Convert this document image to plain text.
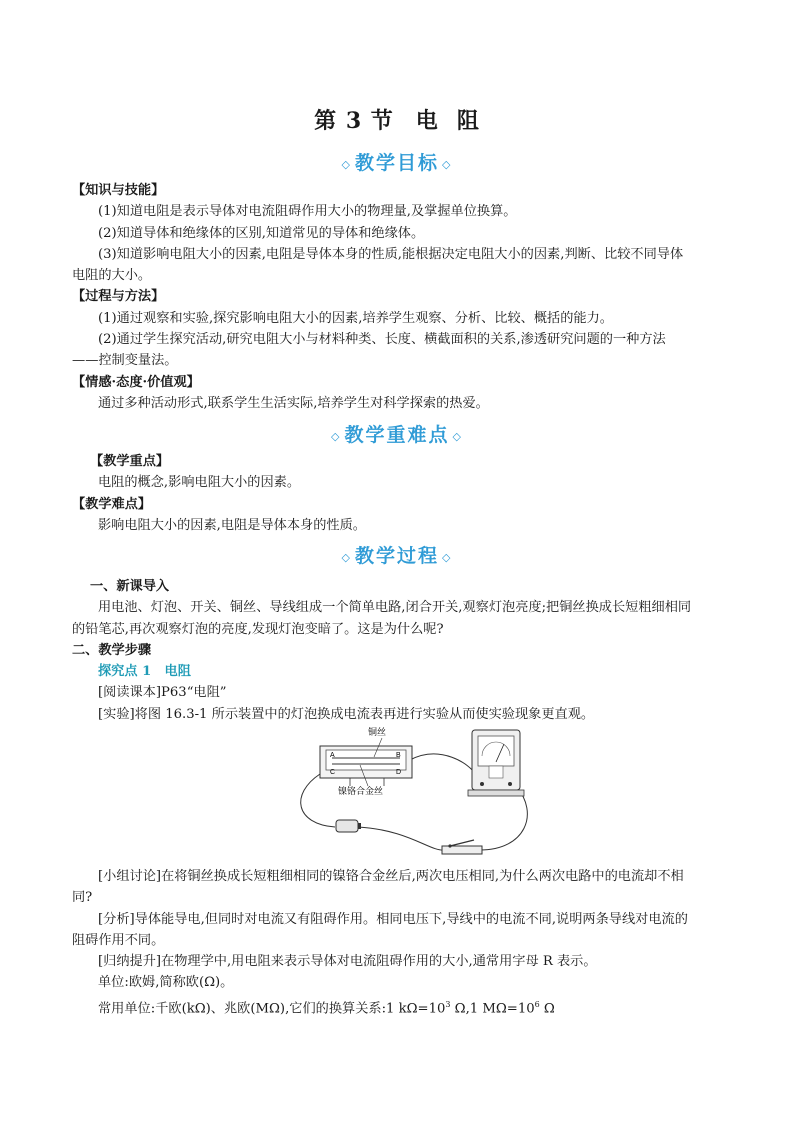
第 3 节 电 阻
◇ 教学目标 ◇

【知识与技能】

(1)知道电阻是表示导体对电流阻碍作用大小的物理量,及掌握单位换算。

(2)知道导体和绝缘体的区别,知道常见的导体和绝缘体。

(3)知道影响电阻大小的因素,电阻是导体本身的性质,能根据决定电阻大小的因素,判断、比较不同导体

电阻的大小。

【过程与方法】

(1)通过观察和实验,探究影响电阻大小的因素,培养学生观察、分析、比较、概括的能力。

(2)通过学生探究活动,研究电阻大小与材料种类、长度、横截面积的关系,渗透研究问题的一种方法

——控制变量法。

【情感·态度·价值观】

通过多种活动形式,联系学生生活实际,培养学生对科学探索的热爱。

◇ 教学重难点 ◇

【教学重点】

电阻的概念,影响电阻大小的因素。

【教学难点】

影响电阻大小的因素,电阻是导体本身的性质。

◇ 教学过程 ◇

一、新课导入

用电池、灯泡、开关、铜丝、导线组成一个简单电路,闭合开关,观察灯泡亮度;把铜丝换成长短粗细相同

的铅笔芯,再次观察灯泡的亮度,发现灯泡变暗了。这是为什么呢?

二、教学步骤

探究点 1　电阻

[阅读课本]P63“电阻”

[实验]将图 16.3-1 所示装置中的灯泡换成电流表再进行实验从而使实验现象更直观。

A	B
C	D
铜丝
镍铬合金丝

[小组讨论]在将铜丝换成长短粗细相同的镍铬合金丝后,两次电压相同,为什么两次电路中的电流却不相

同?

[分析]导体能导电,但同时对电流又有阻碍作用。相同电压下,导线中的电流不同,说明两条导线对电流的

阻碍作用不同。

[归纳提升]在物理学中,用电阻来表示导体对电流阻碍作用的大小,通常用字母 R 表示。

单位:欧姆,简称欧(Ω)。

常用单位:千欧(kΩ)、兆欧(MΩ),它们的换算关系:1 $k\Omega=10^3$ Ω,1 $M\Omega=10^6$ Ω
